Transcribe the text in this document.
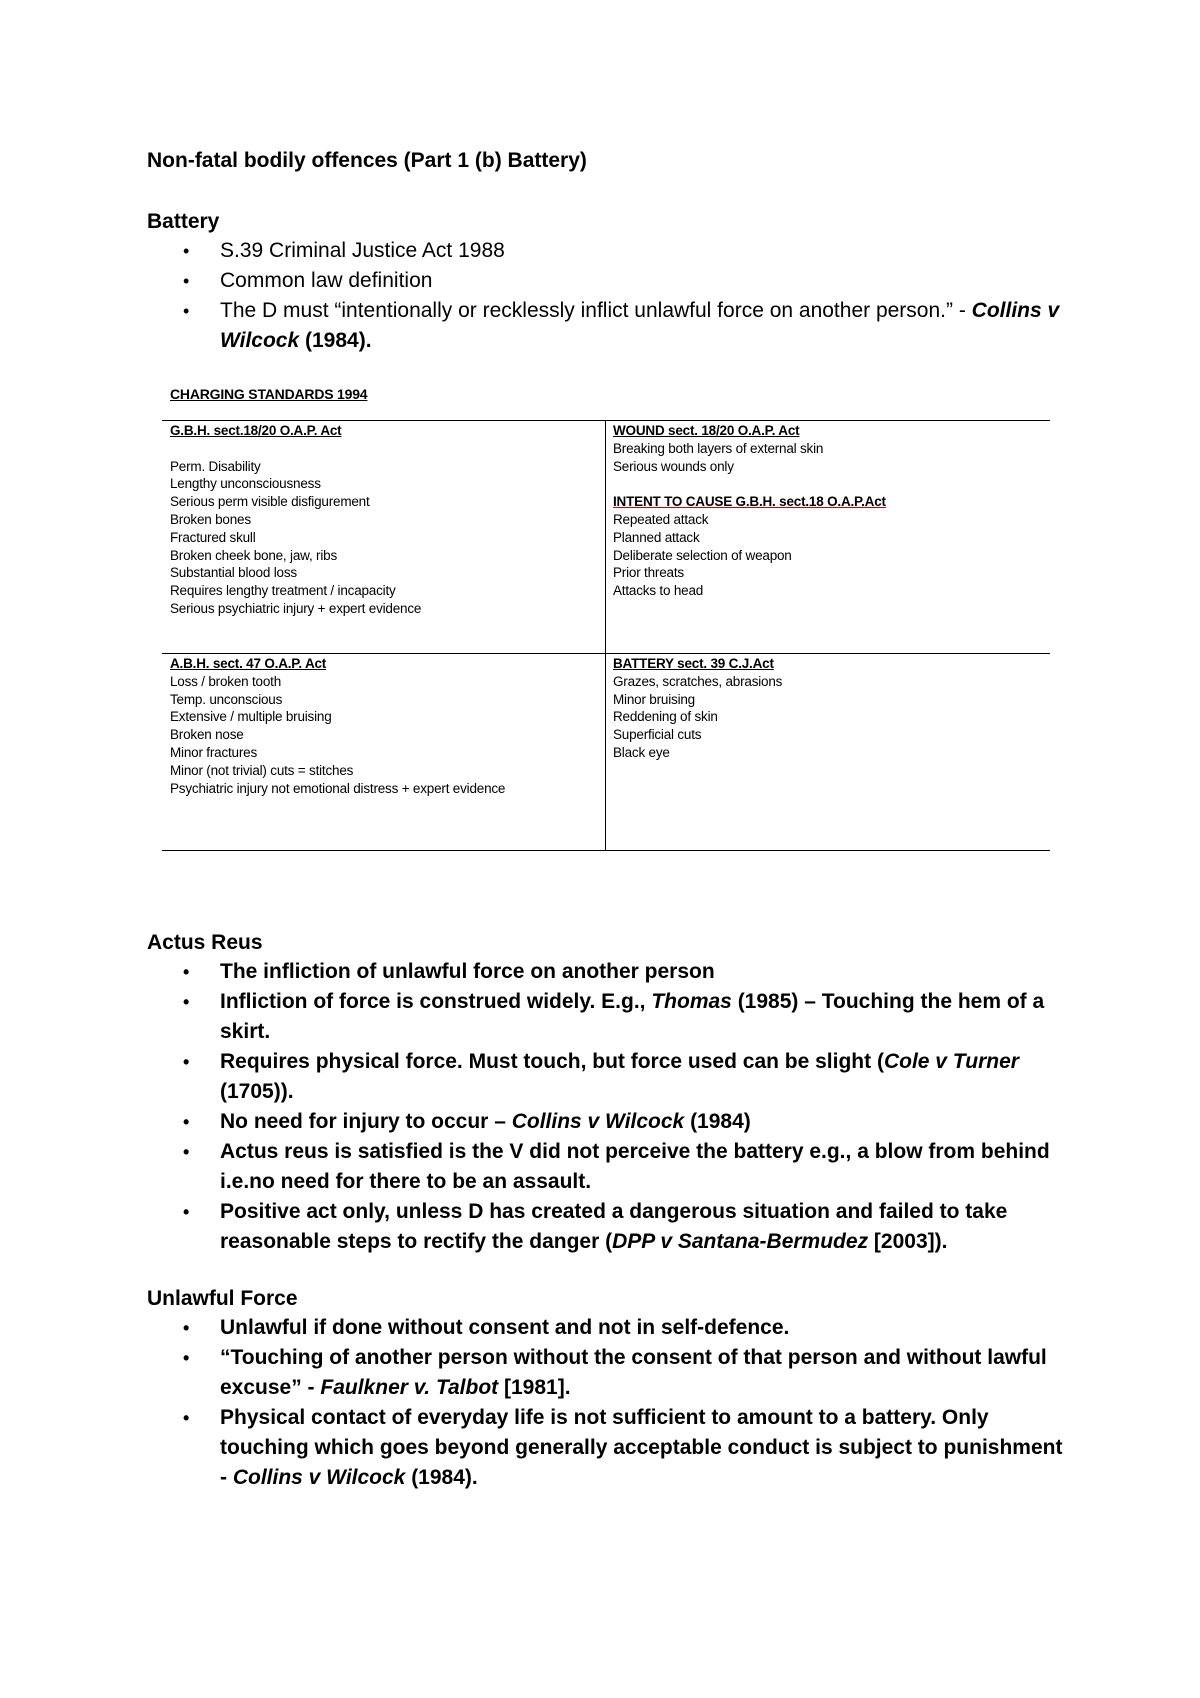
Non-fatal bodily offences (Part 1 (b) Battery)
Battery
• S.39 Criminal Justice Act 1988
• Common law definition
• The D must “intentionally or recklessly inflict unlawful force on another person.” - Collins v Wilcock (1984).
CHARGING STANDARDS 1994
G.B.H. sect.18/20 O.A.P. Act

Perm. Disability
Lengthy unconsciousness
Serious perm visible disfigurement
Broken bones
Fractured skull
Broken cheek bone, jaw, ribs
Substantial blood loss
Requires lengthy treatment / incapacity
Serious psychiatric injury + expert evidence
WOUND sect. 18/20 O.A.P. Act
Breaking both layers of external skin
Serious wounds only

INTENT TO CAUSE G.B.H. sect.18 O.A.P.Act
Repeated attack
Planned attack
Deliberate selection of weapon
Prior threats
Attacks to head
A.B.H. sect. 47 O.A.P. Act
Loss / broken tooth
Temp. unconscious
Extensive / multiple bruising
Broken nose
Minor fractures
Minor (not trivial) cuts = stitches
Psychiatric injury not emotional distress + expert evidence
BATTERY sect. 39 C.J.Act
Grazes, scratches, abrasions
Minor bruising
Reddening of skin
Superficial cuts
Black eye
Actus Reus
• The infliction of unlawful force on another person
• Infliction of force is construed widely. E.g., Thomas (1985) – Touching the hem of a skirt.
• Requires physical force. Must touch, but force used can be slight (Cole v Turner (1705)).
• No need for injury to occur – Collins v Wilcock (1984)
• Actus reus is satisfied is the V did not perceive the battery e.g., a blow from behind i.e.no need for there to be an assault.
• Positive act only, unless D has created a dangerous situation and failed to take reasonable steps to rectify the danger (DPP v Santana-Bermudez [2003]).
Unlawful Force
• Unlawful if done without consent and not in self-defence.
• “Touching of another person without the consent of that person and without lawful excuse” - Faulkner v. Talbot [1981].
• Physical contact of everyday life is not sufficient to amount to a battery. Only touching which goes beyond generally acceptable conduct is subject to punishment - Collins v Wilcock (1984).
